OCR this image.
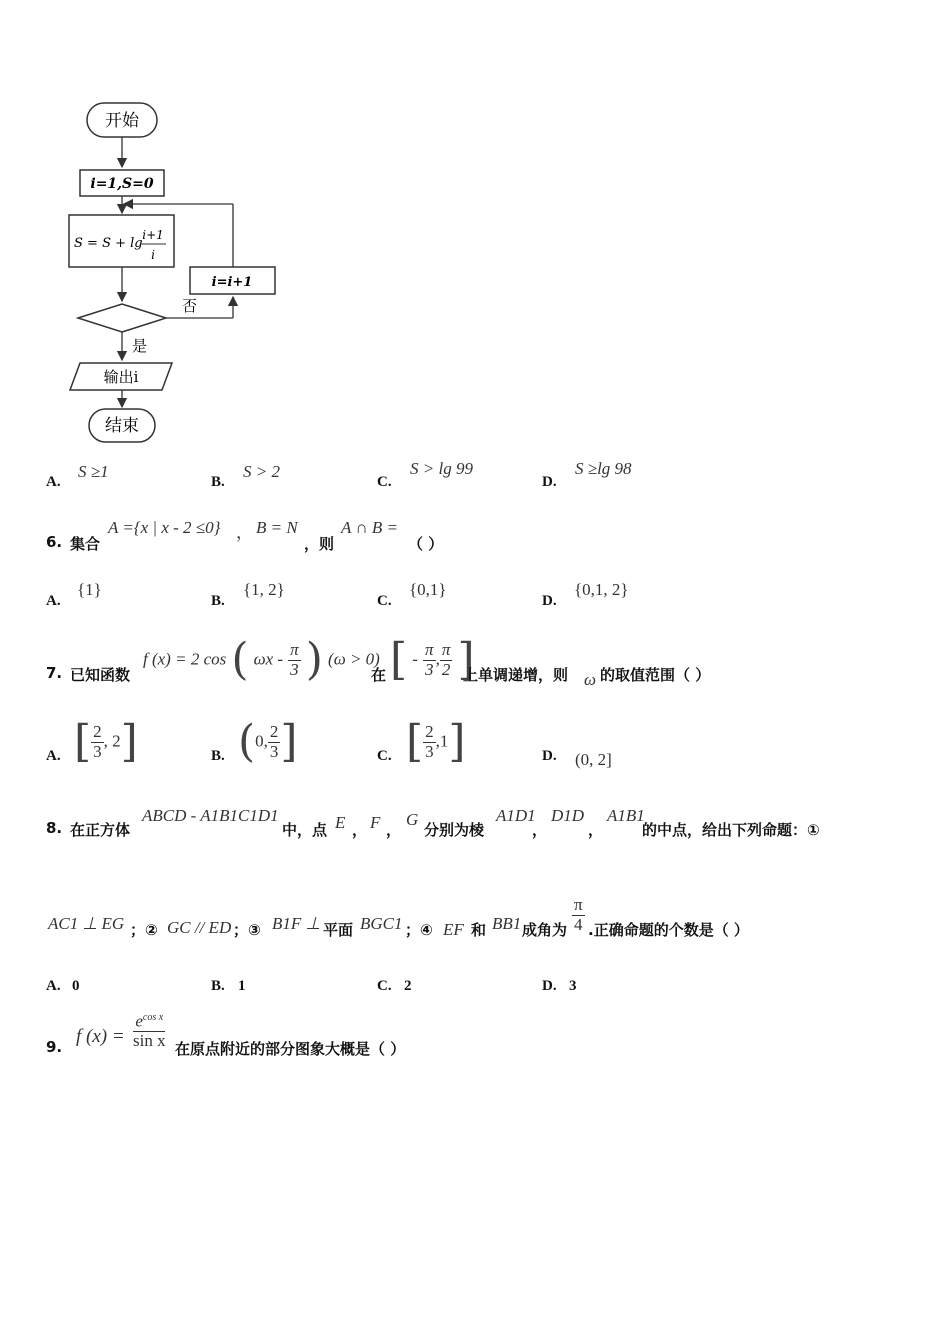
开始
i=1,S=0
S = S + lg
i+1
i
否
i=i+1
是
输出i
结束
A.
S ≥1
B.
S > 2
C.
S > lg 99
D.
S ≥lg 98
6. 集合
A ={x | x - 2 ≤0} ， B = N
，则
A ∩ B =
（ ）
A.
{1}
B.
{1, 2}
C.
{0,1}
D.
{0,1, 2}
7. 已知函数
f (x) = 2 cos ( ωx - $\frac{\pi}{3}$ ) (ω > 0)
在 [ - $\frac{\pi}{3}$ , $\frac{\pi}{2}$ ]
上单调递增，则 ω 的取值范围（ ）
A. [ $\frac{2}{3}$ , 2]	B. (0, $\frac{2}{3}$ ]	C. [ $\frac{2}{3} ,1$]	D. (0, 2]
8. 在正方体
ABCD - A1B1C1D1
中，点 E ， F ，
G
分别为棱
A1D1
，
D1D
，
A1B1
的中点，给出下列命题：①
AC1 ⊥ EG ；② GC // ED ；③ B1F ⊥ 平面 BGC1 ；④ EF 和 BB1 成角为 $\frac{\pi}{4}$ .正确命题的个数是（ ）
A. 0	B. 1	C. 2	D. 3
9. f $(x) = \frac{e^{cos x}}{\text{sin x}}$ 在原点附近的部分图象大概是（ ）
